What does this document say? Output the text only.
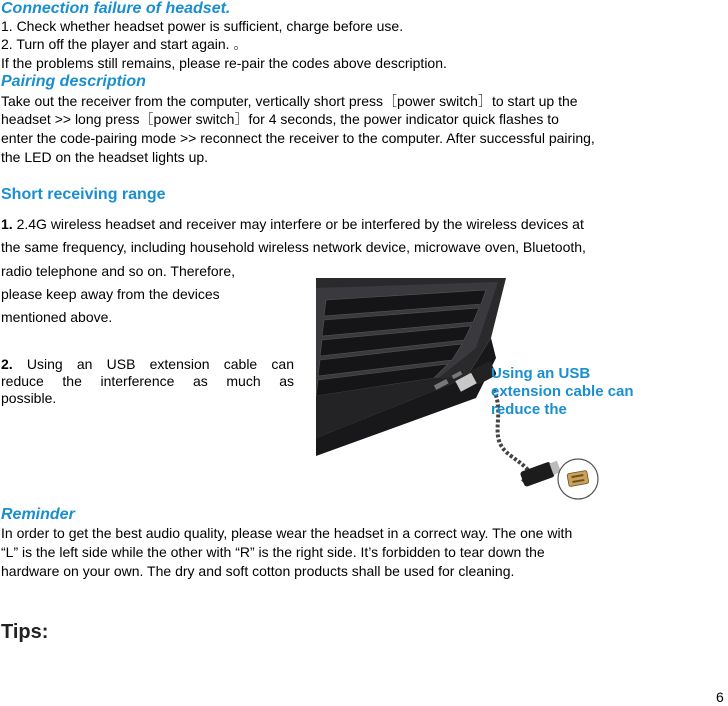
Connection failure of headset.
1. Check whether headset power is sufficient, charge before use.
2. Turn off the player and start again. 。
If the problems still remains, please re-pair the codes above description.
Pairing description
Take out the receiver from the computer, vertically short press［power switch］to start up the
headset >> long press［power switch］for 4 seconds, the power indicator quick flashes to
enter the code-pairing mode >> reconnect the receiver to the computer. After successful pairing,
the LED on the headset lights up.
Short receiving range
1. 2.4G wireless headset and receiver may interfere or be interfered by the wireless devices at
the same frequency, including household wireless network device, microwave oven, Bluetooth,
radio telephone and so on. Therefore,
please keep away from the devices
mentioned above.
2. Using an USB extension cable can
reduce the interference as much as
possible.
Using an USB
extension cable can
reduce the
Reminder
In order to get the best audio quality, please wear the headset in a correct way. The one with
“L” is the left side while the other with “R” is the right side. It’s forbidden to tear down the
hardware on your own. The dry and soft cotton products shall be used for cleaning.
Tips:
6
